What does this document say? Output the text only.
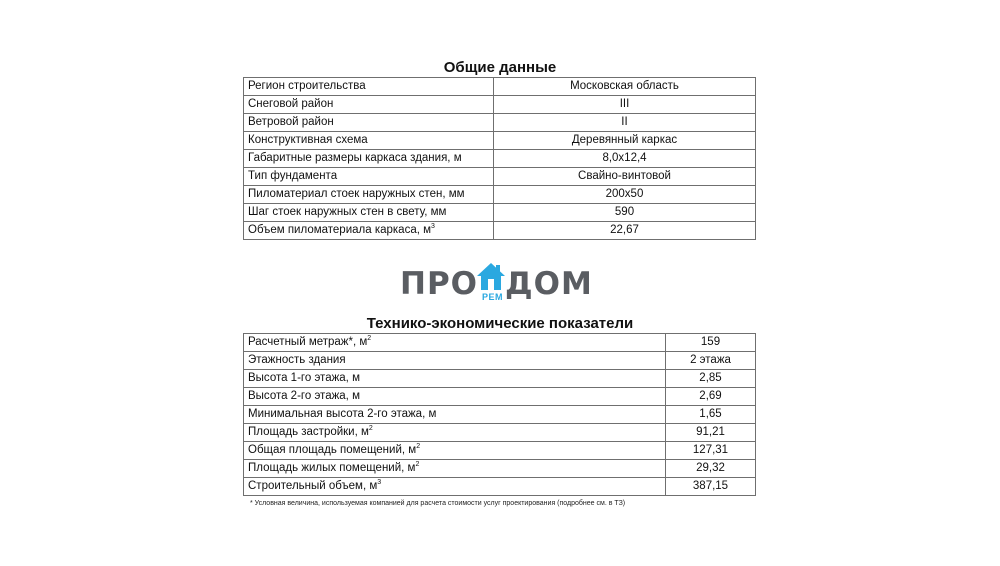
Общие данные
Регион строительства	Московская область
Снеговой район	III
Ветровой район	II
Конструктивная схема	Деревянный каркас
Габаритные размеры каркаса здания, м	8,0х12,4
Тип фундамента	Свайно-винтовой
Пиломатериал стоек наружных стен, мм	200х50
Шаг стоек наружных стен в свету, мм	590
Объем пиломатериала каркаса, $м^3$	22,67
ПРО РЕМ ДОМ
Технико-экономические показатели
Расчетный метраж*, $м^2$	159
Этажность здания	2 этажа
Высота 1-го этажа, м	2,85
Высота 2-го этажа, м	2,69
Минимальная высота 2-го этажа, м	1,65
Площадь застройки, $м^2$	91,21
Общая площадь помещений, $м^2$	127,31
Площадь жилых помещений, $м^2$	29,32
Строительный объем, $м^3$	387,15
* Условная величина, используемая компанией для расчета стоимости услуг проектирования (подробнее см. в ТЗ)
